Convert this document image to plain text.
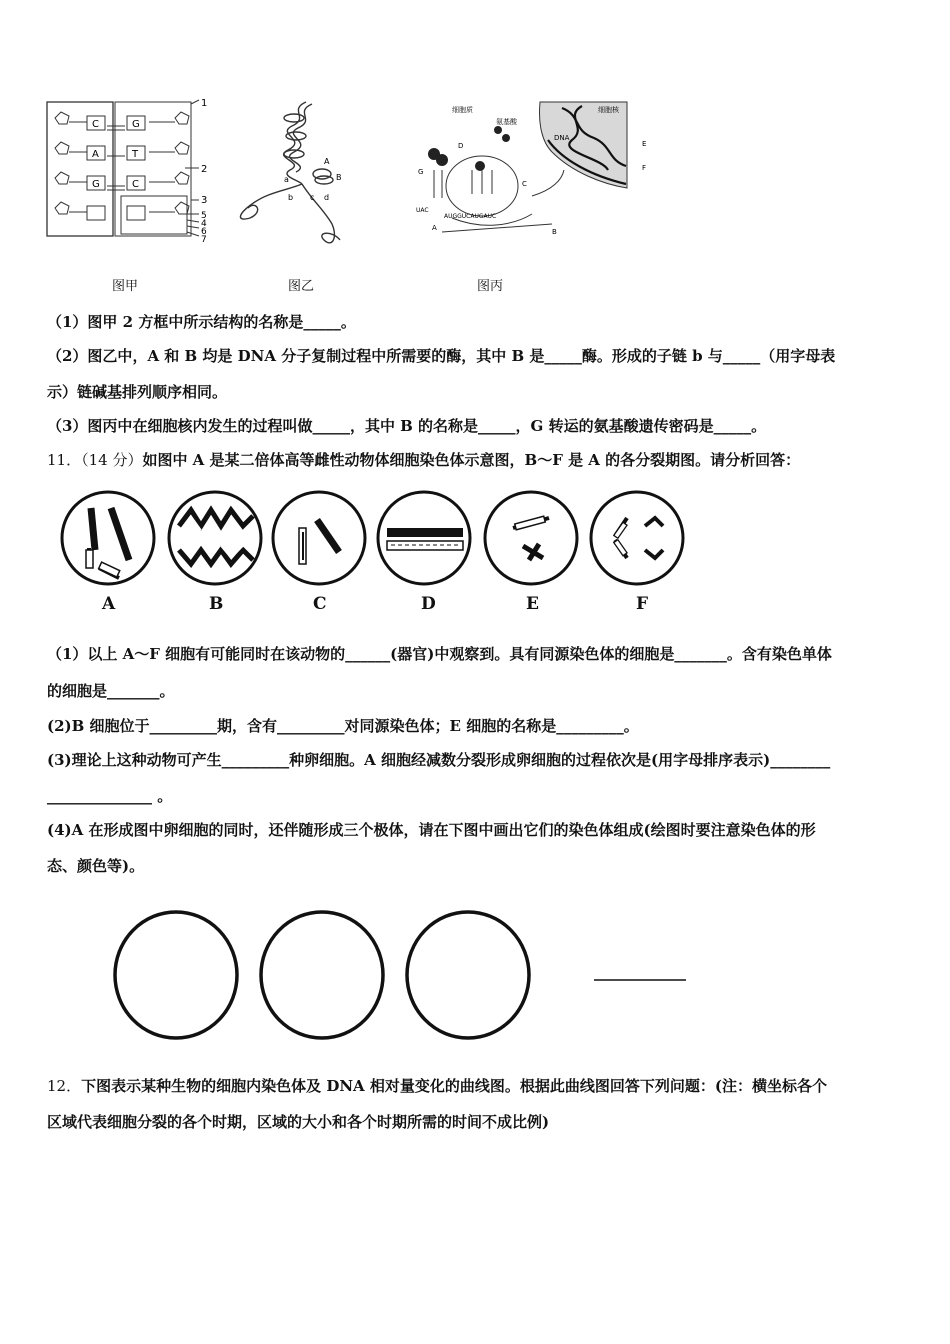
C
A
G
G
T
C
1
2
3
5
4
6
7
图甲
A
B
a
b c d
图乙
细胞质
氨基酸
细胞核
DNA
D
C
E
F
UAC
AUGGUCAUGAUC
A	B
G
图丙
（1）图甲 2 方框中所示结构的名称是_____。
（2）图乙中，A 和 B 均是 DNA 分子复制过程中所需要的酶，其中 B 是_____酶。形成的子链 b 与_____（用字母表
示）链碱基排列顺序相同。
（3）图丙中在细胞核内发生的过程叫做_____，其中 B 的名称是_____，G 转运的氨基酸遗传密码是_____。
11．（14 分）如图中 A 是某二倍体高等雌性动物体细胞染色体示意图，B～F 是 A 的各分裂期图。请分析回答：
A	B	C	D	E	F
（1）以上 A～F 细胞有可能同时在该动物的______(器官)中观察到。具有同源染色体的细胞是_______。含有染色单体
的细胞是_______。
(2)B 细胞位于_________期，含有_________对同源染色体；E 细胞的名称是_________。
(3)理论上这种动物可产生_________种卵细胞。A 细胞经减数分裂形成卵细胞的过程依次是(用字母排序表示)________
______________ 。
(4)A 在形成图中卵细胞的同时，还伴随形成三个极体，请在下图中画出它们的染色体组成(绘图时要注意染色体的形
态、颜色等)。
12．下图表示某种生物的细胞内染色体及 DNA 相对量变化的曲线图。根据此曲线图回答下列问题：(注：横坐标各个
区域代表细胞分裂的各个时期，区域的大小和各个时期所需的时间不成比例)
